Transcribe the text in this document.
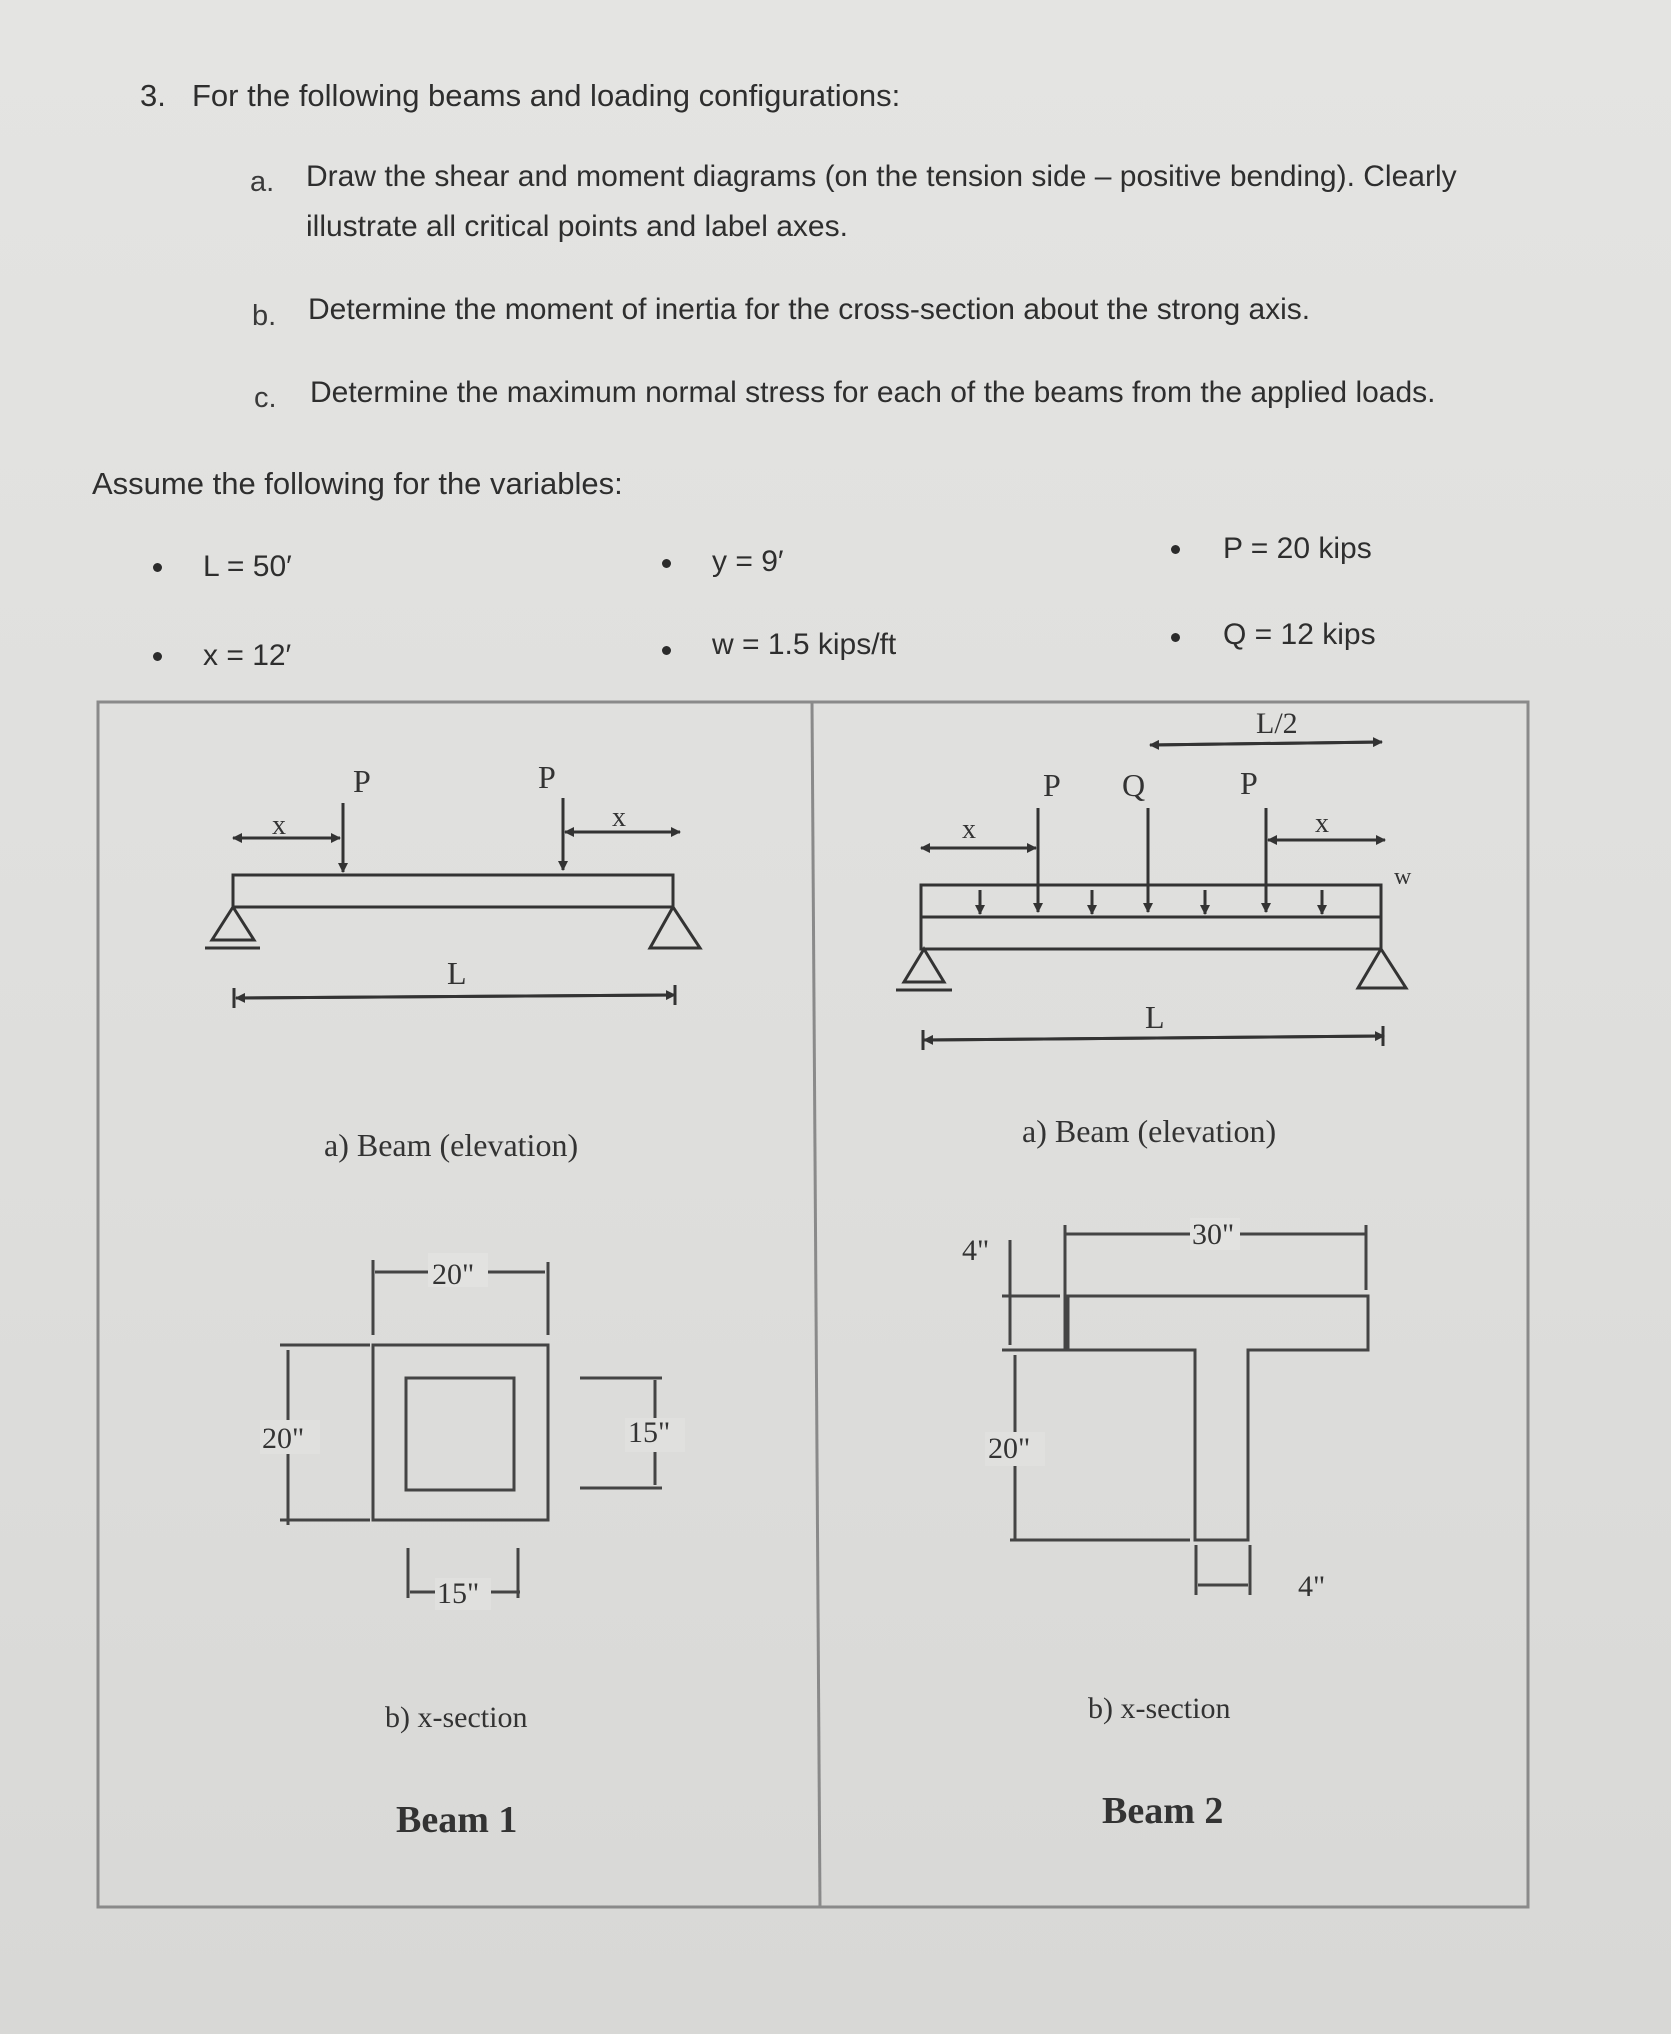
3. For the following beams and loading configurations:
a. Draw the shear and moment diagrams (on the tension side – positive bending). Clearly
illustrate all critical points and label axes.
b. Determine the moment of inertia for the cross-section about the strong axis.
c. Determine the maximum normal stress for each of the beams from the applied loads.
Assume the following for the variables:
L = 50′	y = 9′	P = 20 kips
x = 12′	w = 1.5 kips/ft	Q = 12 kips
P	P
x	x
L
a) Beam (elevation)
20"
20"	15"
15"
b) x-section
Beam 1
P Q	P
L/2
x	x
w
L
a) Beam (elevation)
30"
4"
20"
4"
b) x-section
Beam 2
